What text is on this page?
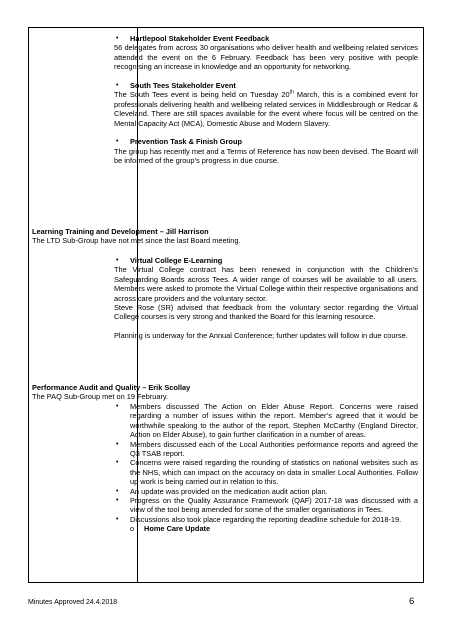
• Hartlepool Stakeholder Event Feedback

56 delegates from across 30 organisations who deliver health and wellbeing related services attended the event on the 6 February. Feedback has been very positive with people recognising an increase in knowledge and an opportunity for networking.

• South Tees Stakeholder Event

The South Tees event is being held on Tuesday 20th March, this is a combined event for professionals delivering health and wellbeing related services in Middlesbrough or Redcar & Cleveland. There are still spaces available for the event where focus will be centred on the Mental Capacity Act (MCA), Domestic Abuse and Modern Slavery.

• Prevention Task & Finish Group

The group has recently met and a Terms of Reference has now been devised. The Board will be informed of the group’s progress in due course.

Learning Training and Development – Jill Harrison
The LTD Sub-Group have not met since the last Board meeting.
• Virtual College E-Learning

The Virtual College contract has been renewed in conjunction with the Children’s Safeguarding Boards across Tees. A wider range of courses will be available to all users. Members were asked to promote the Virtual College within their respective organisations and across care providers and the voluntary sector.

Steve Rose (SR) advised that feedback from the voluntary sector regarding the Virtual College courses is very strong and thanked the Board for this learning resource.

Planning is underway for the Annual Conference; further updates will follow in due course.

Performance Audit and Quality – Erik Scollay
The PAQ Sub-Group met on 19 February.
• Members discussed The Action on Elder Abuse Report. Concerns were raised regarding a number of issues within the report. Member’s agreed that it would be worthwhile speaking to the author of the report, Stephen McCarthy (England Director, Action on Elder Abuse), to gain further clarification in a number of areas.
• Members discussed each of the Local Authorities performance reports and agreed the Q3 TSAB report.
• Concerns were raised regarding the rounding of statistics on national websites such as the NHS, which can impact on the accuracy on data in smaller Local Authorities. Follow up work is being carried out in relation to this.
• An update was provided on the medication audit action plan.
• Progress on the Quality Assurance Framework (QAF) 2017-18 was discussed with a view of the tool being amended for some of the smaller organisations in Tees.
• Discussions also took place regarding the reporting deadline schedule for 2018-19.
o Home Care Update
Minutes Approved 24.4.2018	6
